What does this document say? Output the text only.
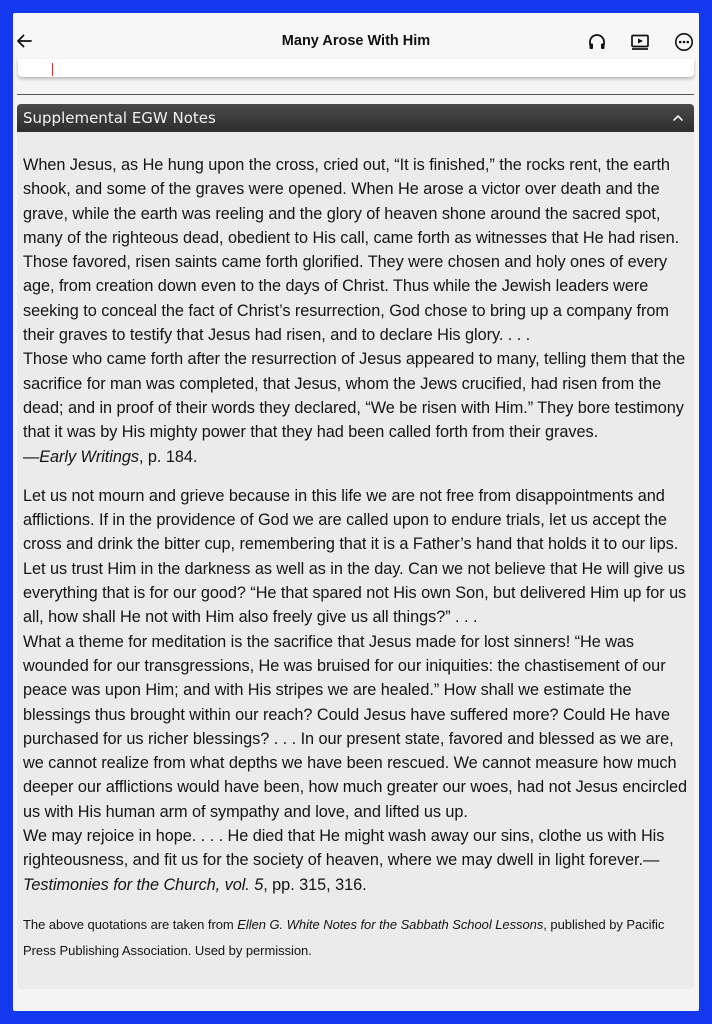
Many Arose With Him
Supplemental EGW Notes

When Jesus, as He hung upon the cross, cried out, “It is finished,” the rocks rent, the earth shook, and some of the graves were opened. When He arose a victor over death and the grave, while the earth was reeling and the glory of heaven shone around the sacred spot, many of the righteous dead, obedient to His call, came forth as witnesses that He had risen. Those favored, risen saints came forth glorified. They were chosen and holy ones of every age, from creation down even to the days of Christ. Thus while the Jewish leaders were seeking to conceal the fact of Christ’s resurrection, God chose to bring up a company from their graves to testify that Jesus had risen, and to declare His glory. . . .

Those who came forth after the resurrection of Jesus appeared to many, telling them that the sacrifice for man was completed, that Jesus, whom the Jews crucified, had risen from the dead; and in proof of their words they declared, “We be risen with Him.” They bore testimony that it was by His mighty power that they had been called forth from their graves.

—Early Writings, p. 184.

Let us not mourn and grieve because in this life we are not free from disappointments and afflictions. If in the providence of God we are called upon to endure trials, let us accept the cross and drink the bitter cup, remembering that it is a Father’s hand that holds it to our lips. Let us trust Him in the darkness as well as in the day. Can we not believe that He will give us everything that is for our good? “He that spared not His own Son, but delivered Him up for us all, how shall He not with Him also freely give us all things?” . . .

What a theme for meditation is the sacrifice that Jesus made for lost sinners! “He was wounded for our transgressions, He was bruised for our iniquities: the chastisement of our peace was upon Him; and with His stripes we are healed.” How shall we estimate the blessings thus brought within our reach? Could Jesus have suffered more? Could He have purchased for us richer blessings? . . . In our present state, favored and blessed as we are, we cannot realize from what depths we have been rescued. We cannot measure how much deeper our afflictions would have been, how much greater our woes, had not Jesus encircled us with His human arm of sympathy and love, and lifted us up.

We may rejoice in hope. . . . He died that He might wash away our sins, clothe us with His righteousness, and fit us for the society of heaven, where we may dwell in light forever.— Testimonies for the Church, vol. 5, pp. 315, 316.

The above quotations are taken from Ellen G. White Notes for the Sabbath School Lessons, published by Pacific Press Publishing Association. Used by permission.
